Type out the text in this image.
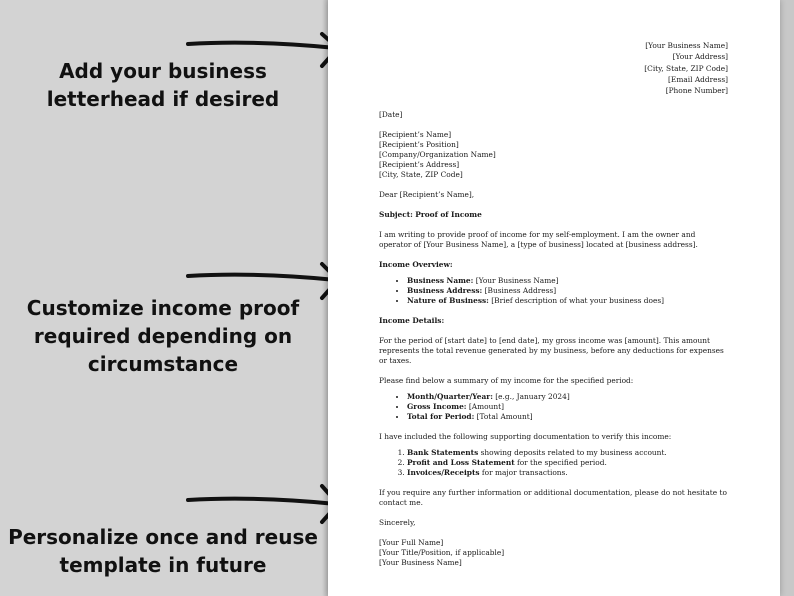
Add your business
letterhead if desired
Customize income proof
required depending on
circumstance
Personalize once and reuse
template in future
[Your Business Name]
[Your Address]
[City, State, ZIP Code]
[Email Address]
[Phone Number]

[Date]

[Recipient’s Name]
[Recipient’s Position]
[Company/Organization Name]
[Recipient’s Address]
[City, State, ZIP Code]

Dear [Recipient’s Name],

Subject: Proof of Income

I am writing to provide proof of income for my self-employment. I am the owner and operator of [Your Business Name], a [type of business] located at [business address].

Income Overview:

• Business Name: [Your Business Name]
• Business Address: [Business Address]
• Nature of Business: [Brief description of what your business does]

Income Details:

For the period of [start date] to [end date], my gross income was [amount]. This amount represents the total revenue generated by my business, before any deductions for expenses or taxes.

Please find below a summary of my income for the specified period:

• Month/Quarter/Year: [e.g., January 2024]
• Gross Income: [Amount]
• Total for Period: [Total Amount]

I have included the following supporting documentation to verify this income:

1. Bank Statements showing deposits related to my business account.
2. Profit and Loss Statement for the specified period.
3. Invoices/Receipts for major transactions.

If you require any further information or additional documentation, please do not hesitate to contact me.

Sincerely,

[Your Full Name]
[Your Title/Position, if applicable]
[Your Business Name]
